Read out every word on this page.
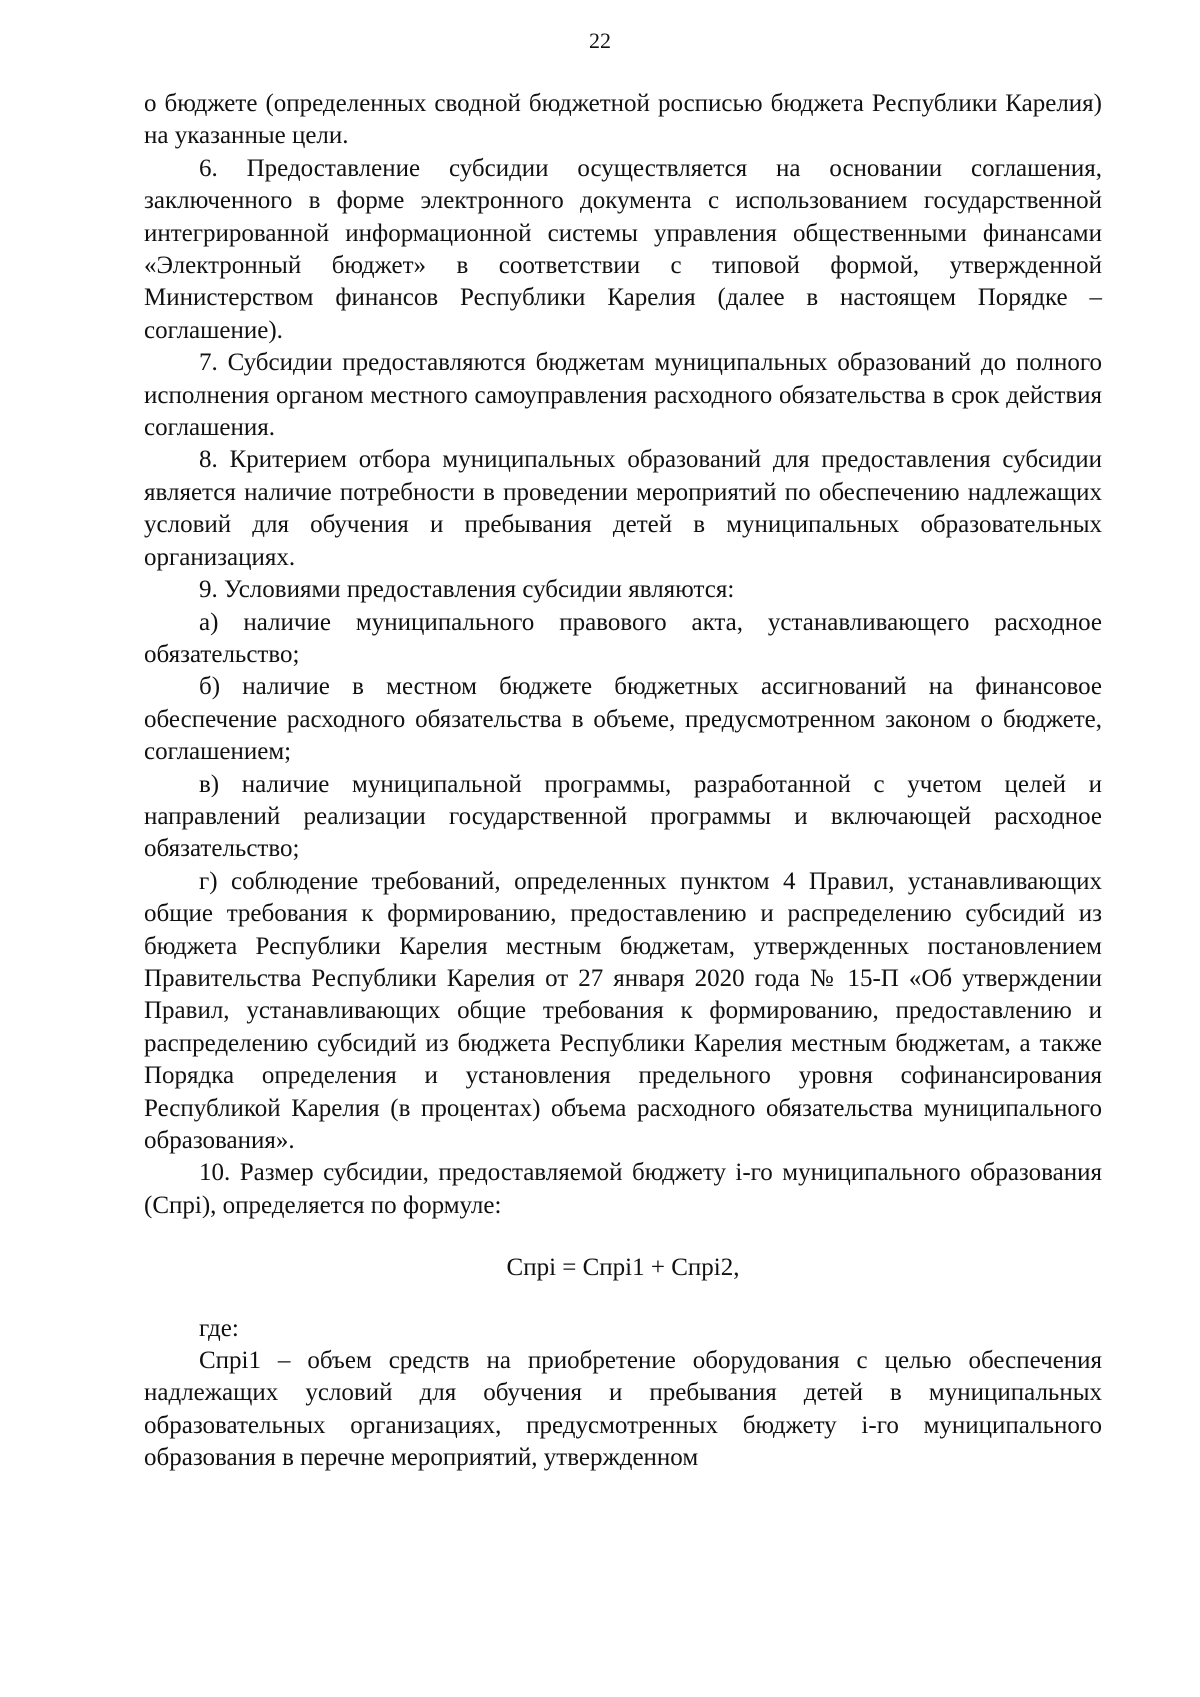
22

о бюджете (определенных сводной бюджетной росписью бюджета Республики Карелия) на указанные цели.

6. Предоставление субсидии осуществляется на основании соглашения, заключенного в форме электронного документа с использованием государственной интегрированной информационной системы управления общественными финансами «Электронный бюджет» в соответствии с типовой формой, утвержденной Министерством финансов Республики Карелия (далее в настоящем Порядке – соглашение).

7. Субсидии предоставляются бюджетам муниципальных образований до полного исполнения органом местного самоуправления расходного обязательства в срок действия соглашения.

8. Критерием отбора муниципальных образований для предоставления субсидии является наличие потребности в проведении мероприятий по обеспечению надлежащих условий для обучения и пребывания детей в муниципальных образовательных организациях.

9. Условиями предоставления субсидии являются:

а) наличие муниципального правового акта, устанавливающего расходное обязательство;

б) наличие в местном бюджете бюджетных ассигнований на финансовое обеспечение расходного обязательства в объеме, предусмотренном законом о бюджете, соглашением;

в) наличие муниципальной программы, разработанной с учетом целей и направлений реализации государственной программы и включающей расходное обязательство;

г) соблюдение требований, определенных пунктом 4 Правил, устанавливающих общие требования к формированию, предоставлению и распределению субсидий из бюджета Республики Карелия местным бюджетам, утвержденных постановлением Правительства Республики Карелия от 27 января 2020 года № 15-П «Об утверждении Правил, устанавливающих общие требования к формированию, предоставлению и распределению субсидий из бюджета Республики Карелия местным бюджетам, а также Порядка определения и установления предельного уровня софинансирования Республикой Карелия (в процентах) объема расходного обязательства муниципального образования».

10. Размер субсидии, предоставляемой бюджету i-го муниципального образования (Cпрi), определяется по формуле:

Cпрi = Cпрi1 + Cпрi2,

где:

Cпрi1 – объем средств на приобретение оборудования с целью обеспечения надлежащих условий для обучения и пребывания детей в муниципальных образовательных организациях, предусмотренных бюджету i-го муниципального образования в перечне мероприятий, утвержденном
